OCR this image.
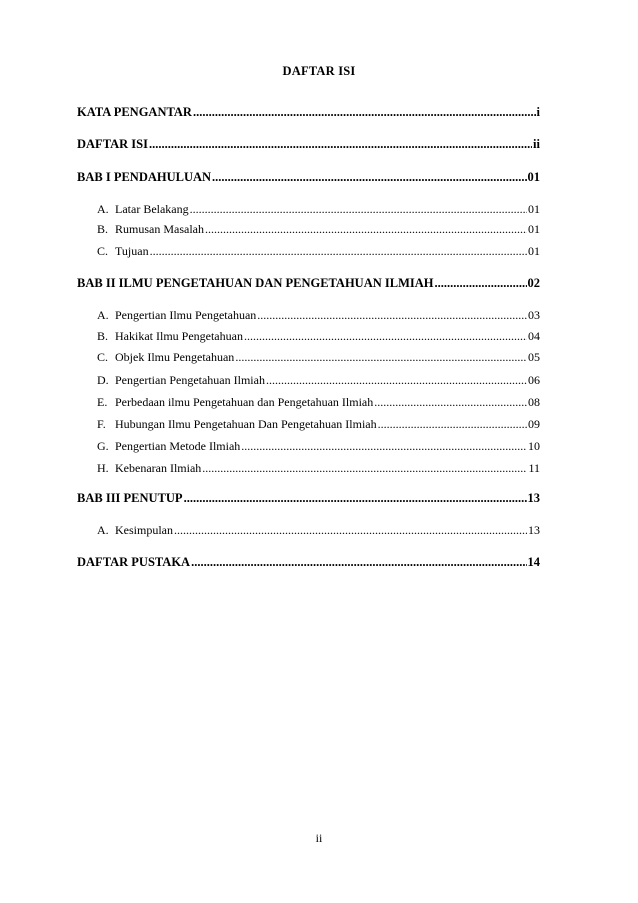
DAFTAR ISI
KATA PENGANTAR .....	i
DAFTAR ISI .....	ii
BAB I PENDAHULUAN .....	01
A. Latar Belakang .....	01
B. Rumusan Masalah .....	01
C. Tujuan .....	01
BAB II ILMU PENGETAHUAN DAN PENGETAHUAN ILMIAH .....	02
A. Pengertian Ilmu Pengetahuan .....	03
B. Hakikat Ilmu Pengetahuan .....	04
C. Objek Ilmu Pengetahuan .....	05
D. Pengertian Pengetahuan Ilmiah .....	06
E. Perbedaan ilmu Pengetahuan dan Pengetahuan Ilmiah .....	08
F. Hubungan Ilmu Pengetahuan Dan Pengetahuan Ilmiah .....	09
G. Pengertian Metode Ilmiah .....	10
H. Kebenaran Ilmiah .....	11
BAB III PENUTUP .....	13
A. Kesimpulan .....	13
DAFTAR PUSTAKA .....	14
ii
